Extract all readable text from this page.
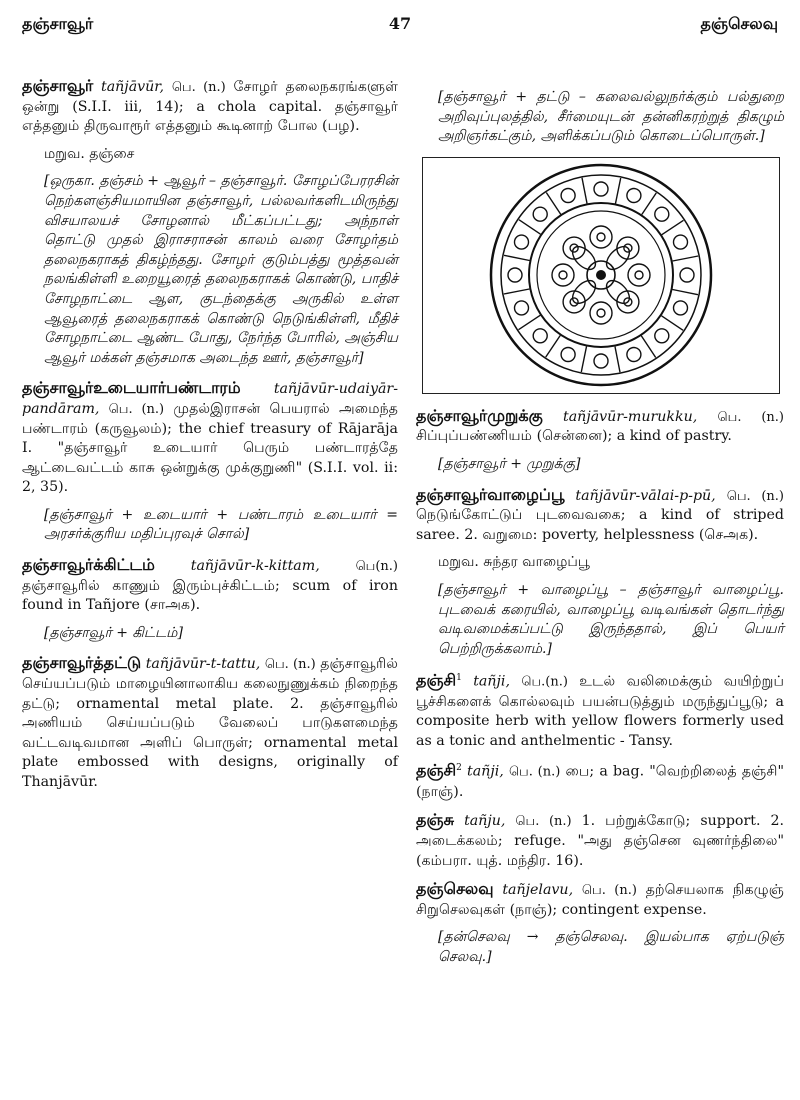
தஞ்சாவூர்	47	தஞ்செலவு
தஞ்சாவூர் tañjāvūr, பெ. (n.) சோழர் தலைநகரங்களுள் ஒன்று (S.I.I. iii, 14); a chola capital. தஞ்சாவூர் எத்தனும் திருவாரூர் எத்தனும் கூடினாற் போல (பழ).
மறுவ. தஞ்சை
[ஒருகா. தஞ்சம் + ஆவூர் – தஞ்சாவூர். சோழப்பேரரசின் நெற்களஞ்சியமாயின தஞ்சாவூர், பல்லவர்களிடமிருந்து விசயாலயச் சோழனால் மீட்கப்பட்டது; அந்நாள் தொட்டு முதல் இராசராசன் காலம் வரை சோழர்தம் தலைநகராகத் திகழ்ந்தது. சோழர் குடும்பத்து மூத்தவன் நலங்கிள்ளி உறையூரைத் தலைநகராகக் கொண்டு, பாதிச் சோழநாட்டை ஆள, குடந்தைக்கு அருகில் உள்ள ஆவூரைத் தலைநகராகக் கொண்டு நெடுங்கிள்ளி, மீதிச் சோழநாட்டை ஆண்ட போது, நேர்ந்த போரில், அஞ்சிய ஆவூர் மக்கள் தஞ்சமாக அடைந்த ஊர், தஞ்சாவூர்]
தஞ்சாவூர்உடையார்பண்டாரம் tañjāvūr-udaiyār-pandāram, பெ. (n.) முதல்இராசன் பெயரால் அமைந்த பண்டாரம் (கருவூலம்); the chief treasury of Rājarāja I. "தஞ்சாவூர் உடையார் பெரும் பண்டாரத்தே ஆட்டைவட்டம் காசு ஒன்றுக்கு முக்குறுணி" (S.I.I. vol. ii: 2, 35).
[தஞ்சாவூர் + உடையார் + பண்டாரம் உடையார் = அரசர்க்குரிய மதிப்புரவுச் சொல்]
தஞ்சாவூர்க்கிட்டம்	tañjāvūr-k-kittam,	பெ(n.) தஞ்சாவூரில் காணும் இரும்புச்கிட்டம்; scum of iron found in Tañjore (சாஅக).
[தஞ்சாவூர் + கிட்டம்]
தஞ்சாவூர்த்தட்டு tañjāvūr-t-tattu, பெ. (n.) தஞ்சாவூரில் செய்யப்படும் மாழையினாலாகிய கலைநுணுக்கம் நிறைந்த தட்டு; ornamental metal plate. 2. தஞ்சாவூரில் அணியம் செய்யப்படும் வேலைப் பாடுகளமைந்த வட்டவடிவமான அளிப் பொருள்; ornamental metal plate embossed with designs, originally of Thanjāvūr.
[தஞ்சாவூர் + தட்டு – கலைவல்லுநர்க்கும் பல்துறை அறிவுப்புலத்தில், சீர்மையுடன் தன்னிகரற்றுத் திகழும் அறிஞர்கட்கும், அளிக்கப்படும் கொடைப்பொருள்.]
தஞ்சாவூர்முறுக்கு tañjāvūr-murukku, பெ. (n.) சிப்புப்பண்ணியம் (சென்னை); a kind of pastry.
[தஞ்சாவூர் + முறுக்கு]
தஞ்சாவூர்வாழைப்பூ tañjāvūr-vālai-p-pū, பெ. (n.) நெடுங்கோட்டுப் புடவைவகை; a kind of striped saree. 2. வறுமை: poverty, helplessness (செஅக).
மறுவ. சுந்தர வாழைப்பூ
[தஞ்சாவூர் + வாழைப்பூ – தஞ்சாவூர் வாழைப்பூ. புடவைக் கரையில், வாழைப்பூ வடிவங்கள் தொடர்ந்து வடிவமைக்கப்பட்டு இருந்ததால், இப் பெயர் பெற்றிருக்கலாம்.]
தஞ்சி$^1$ tañji, பெ.(n.) உடல் வலிமைக்கும் வயிற்றுப் பூச்சிகளைக் கொல்லவும் பயன்படுத்தும் மருந்துப்பூடு; a composite herb with yellow flowers formerly used as a tonic and anthelmentic - Tansy.
தஞ்சி$^2$ tañji, பெ. (n.) பை; a bag. "வெற்றிலைத் தஞ்சி" (நாஞ்).
தஞ்சு tañju, பெ. (n.) 1. பற்றுக்கோடு; support. 2. அடைக்கலம்; refuge. "அது தஞ்சென வுணர்ந்திலை" (கம்பரா. யுத். மந்திர. 16).
தஞ்செலவு tañjelavu, பெ. (n.) தற்செயலாக நிகழுஞ் சிறுசெலவுகள் (நாஞ்); contingent expense.
[தன்செலவு → தஞ்செலவு. இயல்பாக ஏற்படுஞ் செலவு.]
